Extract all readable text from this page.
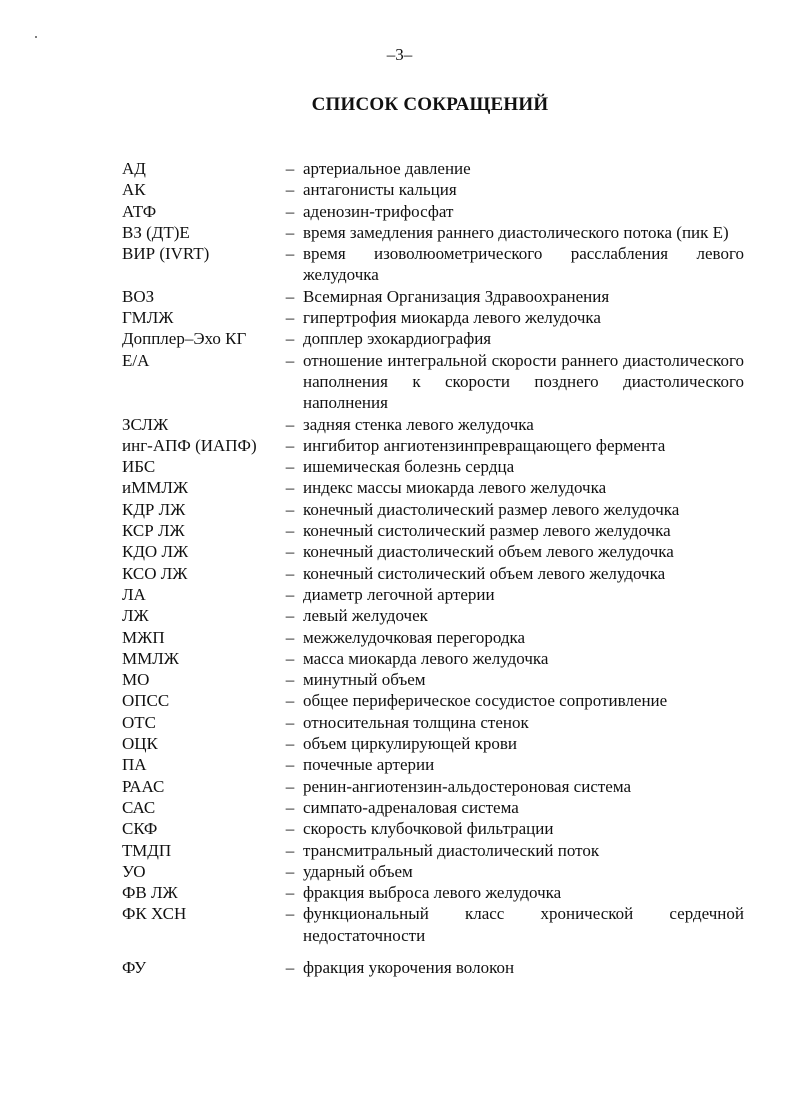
–3–
СПИСОК СОКРАЩЕНИЙ
АД	– артериальное давление
АК	– антагонисты кальция
АТФ	– аденозин-трифосфат
ВЗ (ДТ)Е	– время замедления раннего диастолического потока (пик Е)
ВИР (IVRT)	– время изоволюометрического расслабления левого желудочка
ВОЗ	– Всемирная Организация Здравоохранения
ГМЛЖ	– гипертрофия миокарда левого желудочка
Допплер–Эхо КГ	– допплер эхокардиография
Е/А	– отношение интегральной скорости раннего диастолического наполнения к скорости позднего диастолического наполнения
ЗСЛЖ	– задняя стенка левого желудочка
инг-АПФ (ИАПФ)	– ингибитор ангиотензинпревращающего фермента
ИБС	– ишемическая болезнь сердца
иММЛЖ	– индекс массы миокарда левого желудочка
КДР ЛЖ	– конечный диастолический размер левого желудочка
КСР ЛЖ	– конечный систолический размер левого желудочка
КДО ЛЖ	– конечный диастолический объем левого желудочка
КСО ЛЖ	– конечный систолический объем левого желудочка
ЛА	– диаметр легочной артерии
ЛЖ	– левый желудочек
МЖП	– межжелудочковая перегородка
ММЛЖ	– масса миокарда левого желудочка
МО	– минутный объем
ОПСС	– общее периферическое сосудистое сопротивление
ОТС	– относительная толщина стенок
ОЦК	– объем циркулирующей крови
ПА	– почечные артерии
РААС	– ренин-ангиотензин-альдостероновая система
САС	– симпато-адреналовая система
СКФ	– скорость клубочковой фильтрации
ТМДП	– трансмитральный диастолический поток
УО	– ударный объем
ФВ ЛЖ	– фракция выброса левого желудочка
ФК ХСН	– функциональный класс хронической сердечной недостаточности
ФУ	– фракция укорочения волокон
